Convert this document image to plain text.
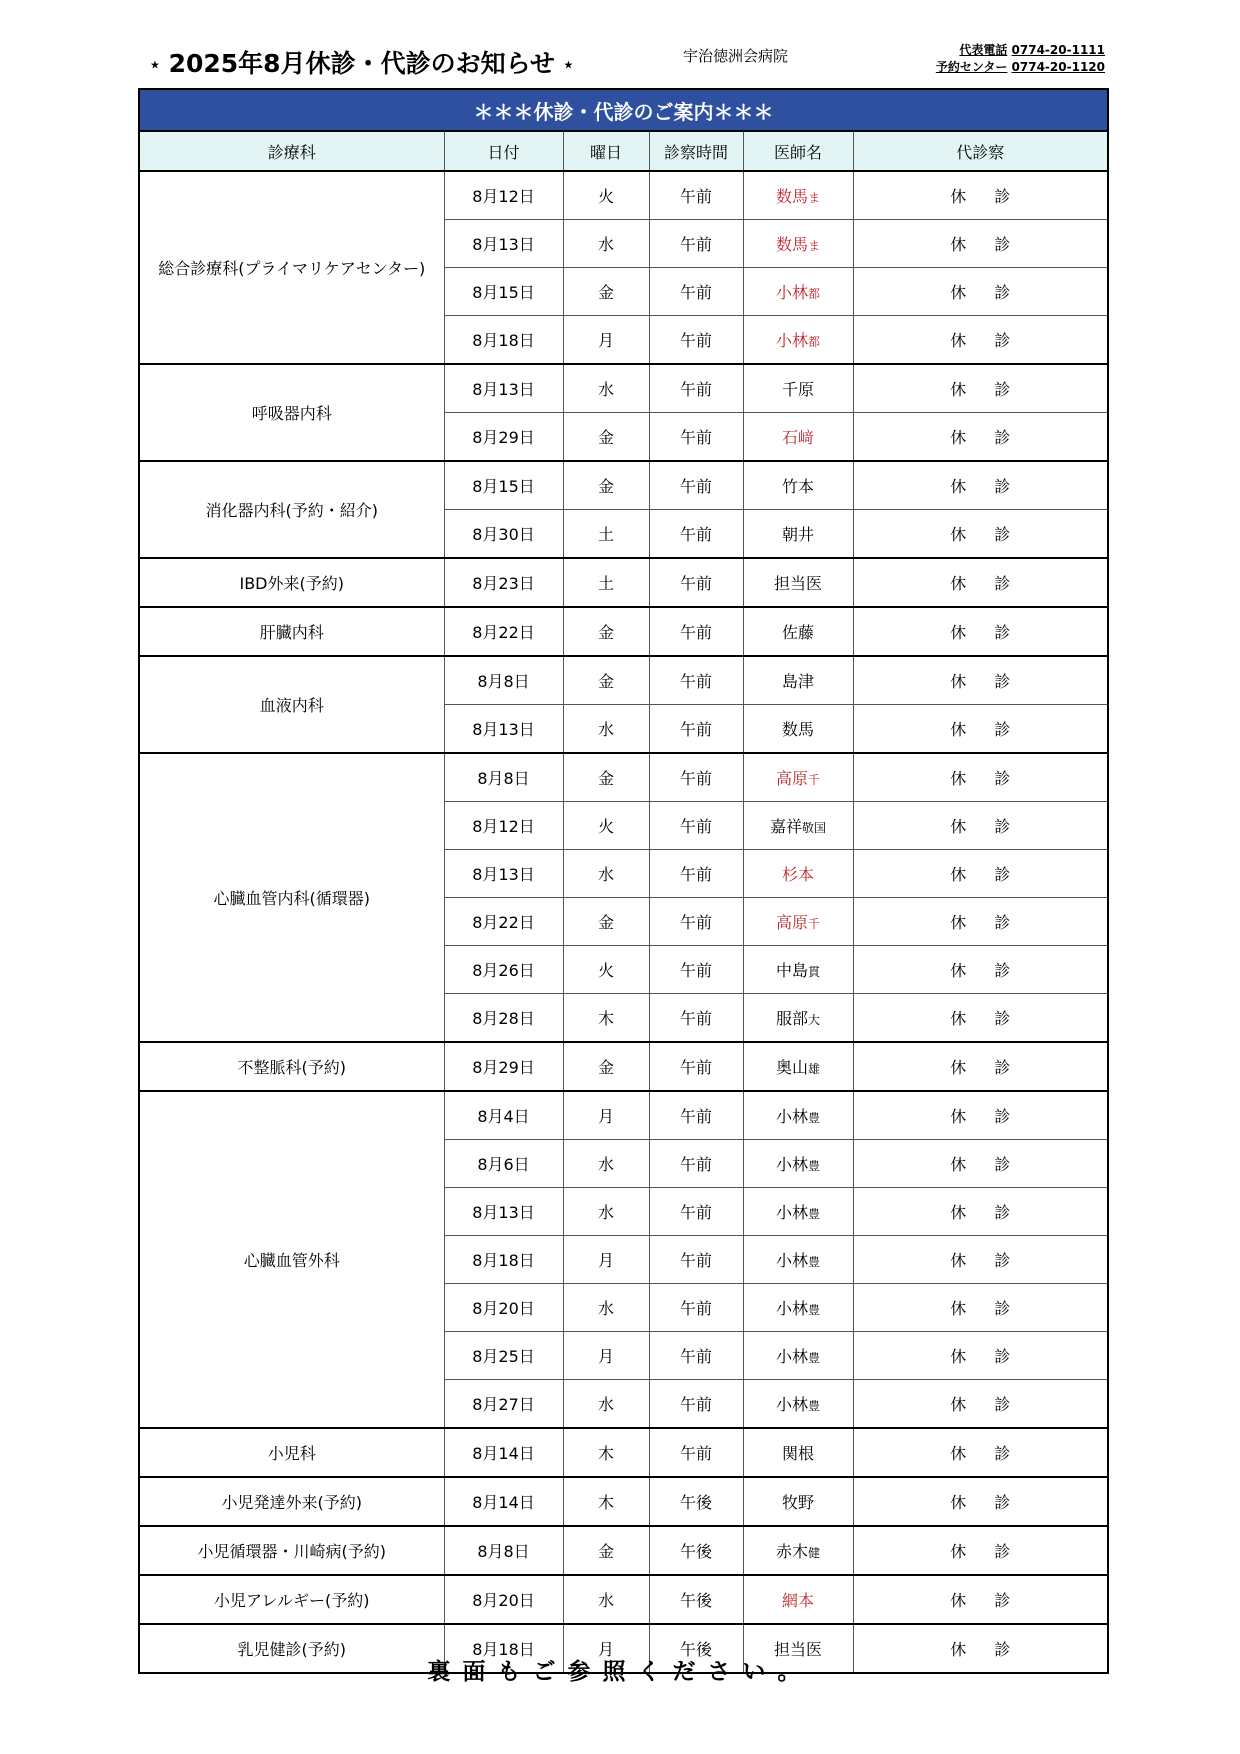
★ 2025年8月休診・代診のお知らせ ★	宇治徳洲会病院	代表電話 0774-20-1111
予約センター 0774-20-1120
＊＊＊休診・代診のご案内＊＊＊					
診療科	日付	曜日	診察時間	医師名	代診察
総合診療科(プライマリケアセンター)	8月12日	火	午前	数馬ま	休診
	8月13日	水	午前	数馬ま	休診
	8月15日	金	午前	小林都	休診
	8月18日	月	午前	小林都	休診
呼吸器内科	8月13日	水	午前	千原	休診
	8月29日	金	午前	石﨑	休診
消化器内科(予約・紹介)	8月15日	金	午前	竹本	休診
	8月30日	土	午前	朝井	休診
IBD外来(予約)	8月23日	土	午前	担当医	休診
肝臓内科	8月22日	金	午前	佐藤	休診
血液内科	8月8日	金	午前	島津	休診
	8月13日	水	午前	数馬	休診
心臓血管内科(循環器)	8月8日	金	午前	高原千	休診
	8月12日	火	午前	嘉祥敬国	休診
	8月13日	水	午前	杉本	休診
	8月22日	金	午前	高原千	休診
	8月26日	火	午前	中島貫	休診
	8月28日	木	午前	服部大	休診
不整脈科(予約)	8月29日	金	午前	奥山雄	休診
心臓血管外科	8月4日	月	午前	小林豊	休診
	8月6日	水	午前	小林豊	休診
	8月13日	水	午前	小林豊	休診
	8月18日	月	午前	小林豊	休診
	8月20日	水	午前	小林豊	休診
	8月25日	月	午前	小林豊	休診
	8月27日	水	午前	小林豊	休診
小児科	8月14日	木	午前	関根	休診
小児発達外来(予約)	8月14日	木	午後	牧野	休診
小児循環器・川崎病(予約)	8月8日	金	午後	赤木健	休診
小児アレルギー(予約)	8月20日	水	午後	網本	休診
乳児健診(予約)	8月18日	月	午後	担当医	休診
裏面もご参照ください。
